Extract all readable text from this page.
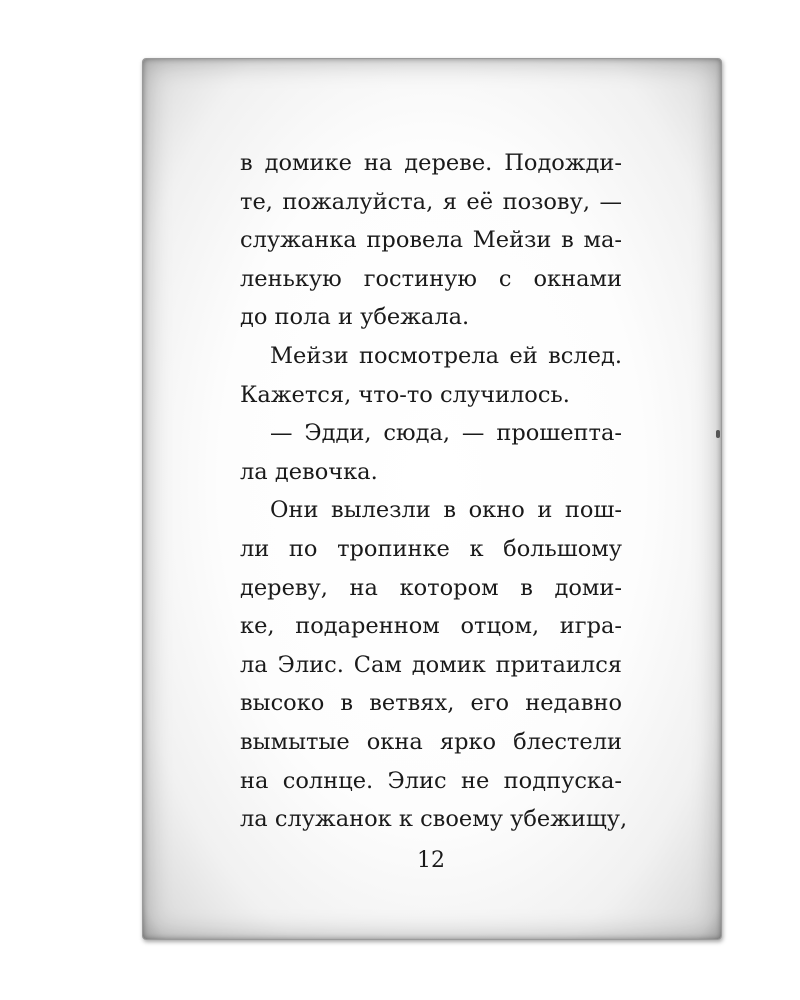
в домике на дереве. Подожди-
те, пожалуйста, я её позову, —
служанка провела Мейзи в ма-
ленькую гостиную с окнами
до пола и убежала.
Мейзи посмотрела ей вслед.
Кажется, что-то случилось.
— Эдди, сюда, — прошепта-
ла девочка.
Они вылезли в окно и пош-
ли по тропинке к большому
дереву, на котором в доми-
ке, подаренном отцом, игра-
ла Элис. Сам домик притаился
высоко в ветвях, его недавно
вымытые окна ярко блестели
на солнце. Элис не подпуска-
ла служанок к своему убежищу,
12
